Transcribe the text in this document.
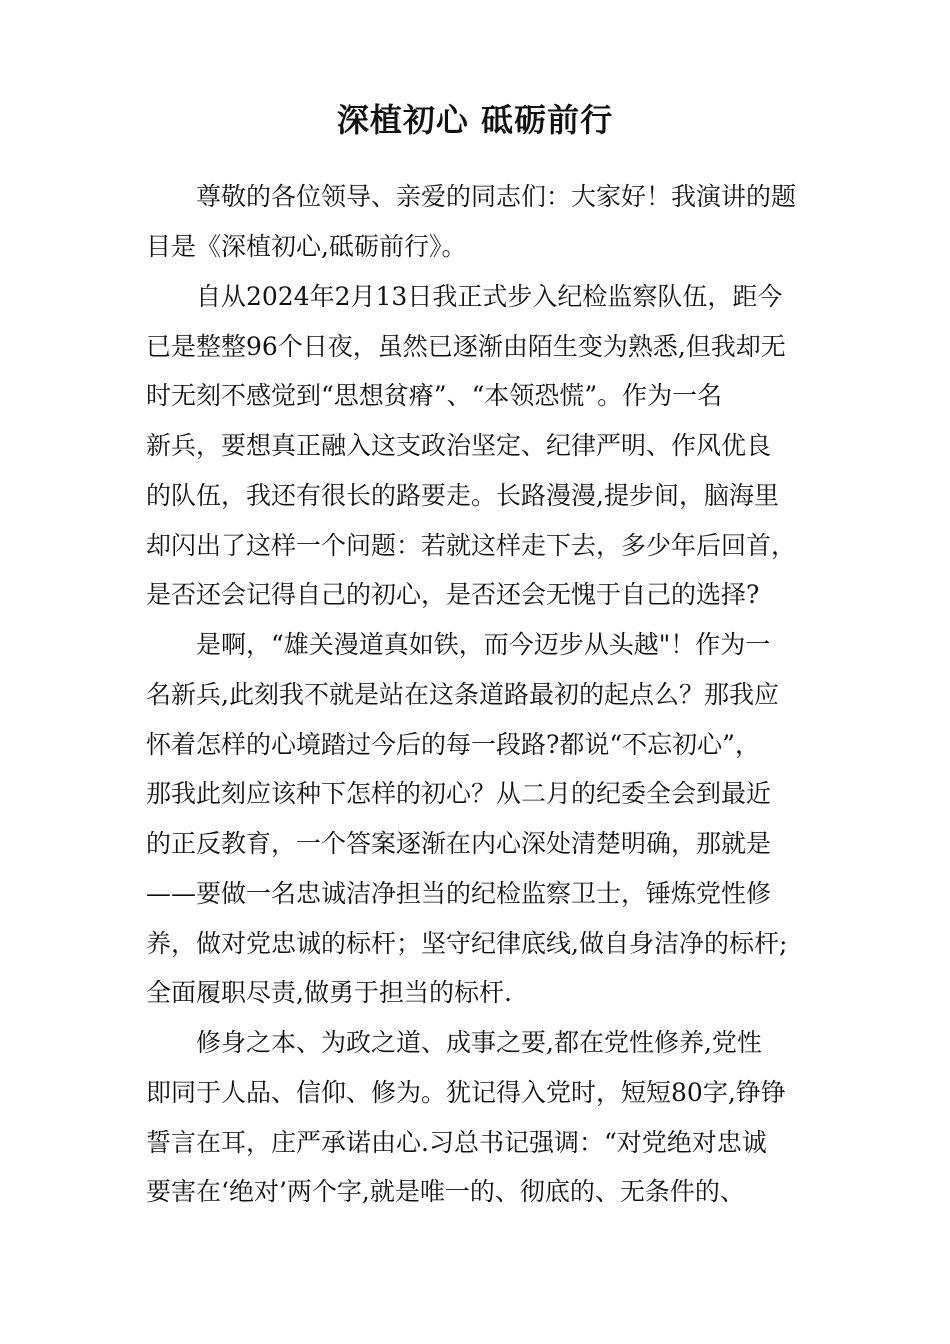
深植初心 砥砺前行
尊敬的各位领导、亲爱的同志们：大家好！我演讲的题
目是《深植初心,砥砺前行》。
自从2024年2月13日我正式步入纪检监察队伍，距今
已是整整96个日夜，虽然已逐渐由陌生变为熟悉,但我却无
时无刻不感觉到“思想贫瘠”、“本领恐慌”。作为一名
新兵，要想真正融入这支政治坚定、纪律严明、作风优良
的队伍，我还有很长的路要走。长路漫漫,提步间，脑海里
却闪出了这样一个问题：若就这样走下去，多少年后回首，
是否还会记得自己的初心，是否还会无愧于自己的选择?
是啊，“雄关漫道真如铁，而今迈步从头越"！作为一
名新兵,此刻我不就是站在这条道路最初的起点么？那我应
怀着怎样的心境踏过今后的每一段路?都说“不忘初心”，
那我此刻应该种下怎样的初心？从二月的纪委全会到最近
的正反教育，一个答案逐渐在内心深处清楚明确，那就是
——要做一名忠诚洁净担当的纪检监察卫士，锤炼党性修
养，做对党忠诚的标杆；坚守纪律底线,做自身洁净的标杆;
全面履职尽责,做勇于担当的标杆.
修身之本、为政之道、成事之要,都在党性修养,党性
即同于人品、信仰、修为。犹记得入党时，短短80字,铮铮
誓言在耳，庄严承诺由心.习总书记强调：“对党绝对忠诚
要害在‘绝对’两个字,就是唯一的、彻底的、无条件的、
